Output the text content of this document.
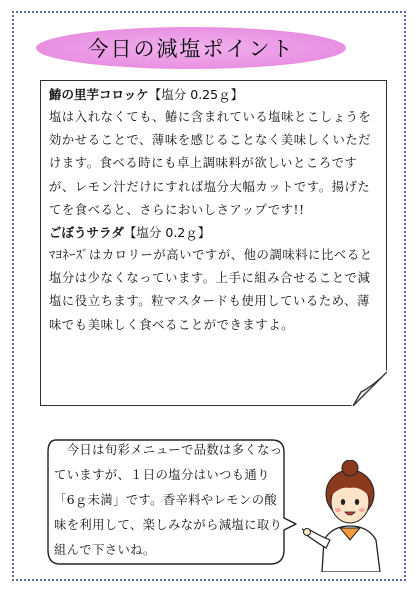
今日の減塩ポイント

鰆の里芋コロッケ【塩分 0.25ｇ】

塩は入れなくても、鰆に含まれている塩味とこしょうを効かせることで、薄味を感じることなく美味しくいただけます。食べる時にも卓上調味料が欲しいところですが、レモン汁だけにすれば塩分大幅カットです。揚げたてを食べると、さらにおいしさアップです!!

ごぼうサラダ【塩分 0.2ｇ】

ﾏﾖﾈｰｽﾞはカロリーが高いですが、他の調味料に比べると塩分は少なくなっています。上手に組み合せることで減塩に役立ちます。粒マスタードも使用しているため、薄味でも美味しく食べることができますよ。

　今日は旬彩メニューで品数は多くなっていますが、１日の塩分はいつも通り「6ｇ未満」です。香辛料やレモンの酸味を利用して、楽しみながら減塩に取り組んで下さいね。
